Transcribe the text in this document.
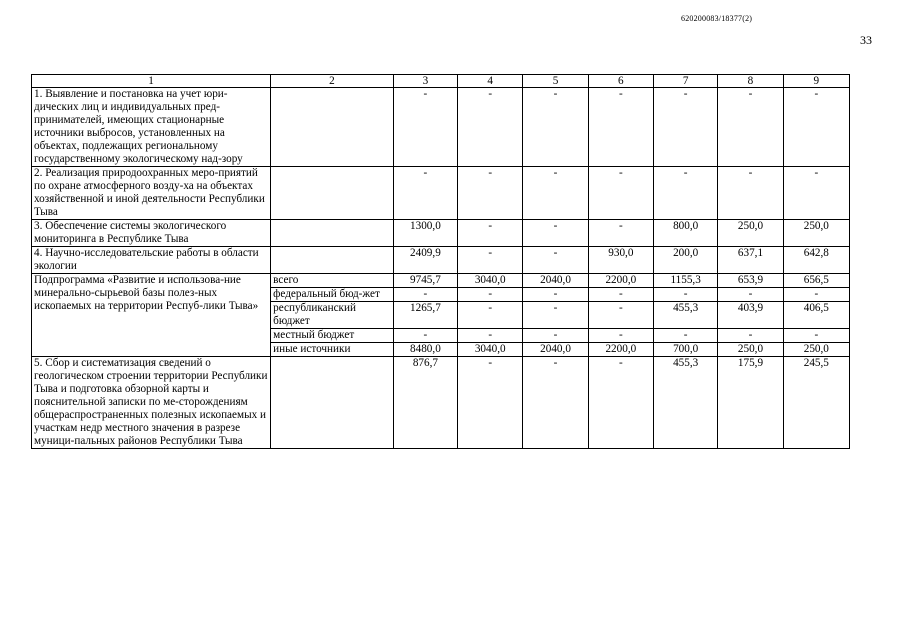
620200083/18377(2)
33
1	2	3	4	5	6	7	8	9
1. Выявление и постановка на учет юри-дических лиц и индивидуальных пред-принимателей, имеющих стационарные источники выбросов, установленных на объектах, подлежащих региональному государственному экологическому над-зору		-	-	-	-	-	-	-
2. Реализация природоохранных меро-приятий по охране атмосферного возду-ха на объектах хозяйственной и иной деятельности Республики Тыва		-	-	-	-	-	-	-
3. Обеспечение системы экологического мониторинга в Республике Тыва		1300,0	-	-	-	800,0	250,0	250,0
4. Научно-исследовательские работы в области экологии		2409,9	-	-	930,0	200,0	637,1	642,8
Подпрограмма «Развитие и использова-ние минерально-сырьевой базы полез-ных ископаемых на территории Респуб-лики Тыва»	всего	9745,7	3040,0	2040,0	2200,0	1155,3	653,9	656,5
	федеральный бюд-жет	-	-	-	-	-	-	-
	республиканский бюджет	1265,7	-	-	-	455,3	403,9	406,5
	местный бюджет	-	-	-	-	-	-	-
	иные источники	8480,0	3040,0	2040,0	2200,0	700,0	250,0	250,0
5. Сбор и систематизация сведений о геологическом строении территории Республики Тыва и подготовка обзорной карты и пояснительной записки по ме-сторождениям общераспространенных полезных ископаемых и участкам недр местного значения в разрезе муници-пальных районов Республики Тыва		876,7	-	-	-	455,3	175,9	245,5
